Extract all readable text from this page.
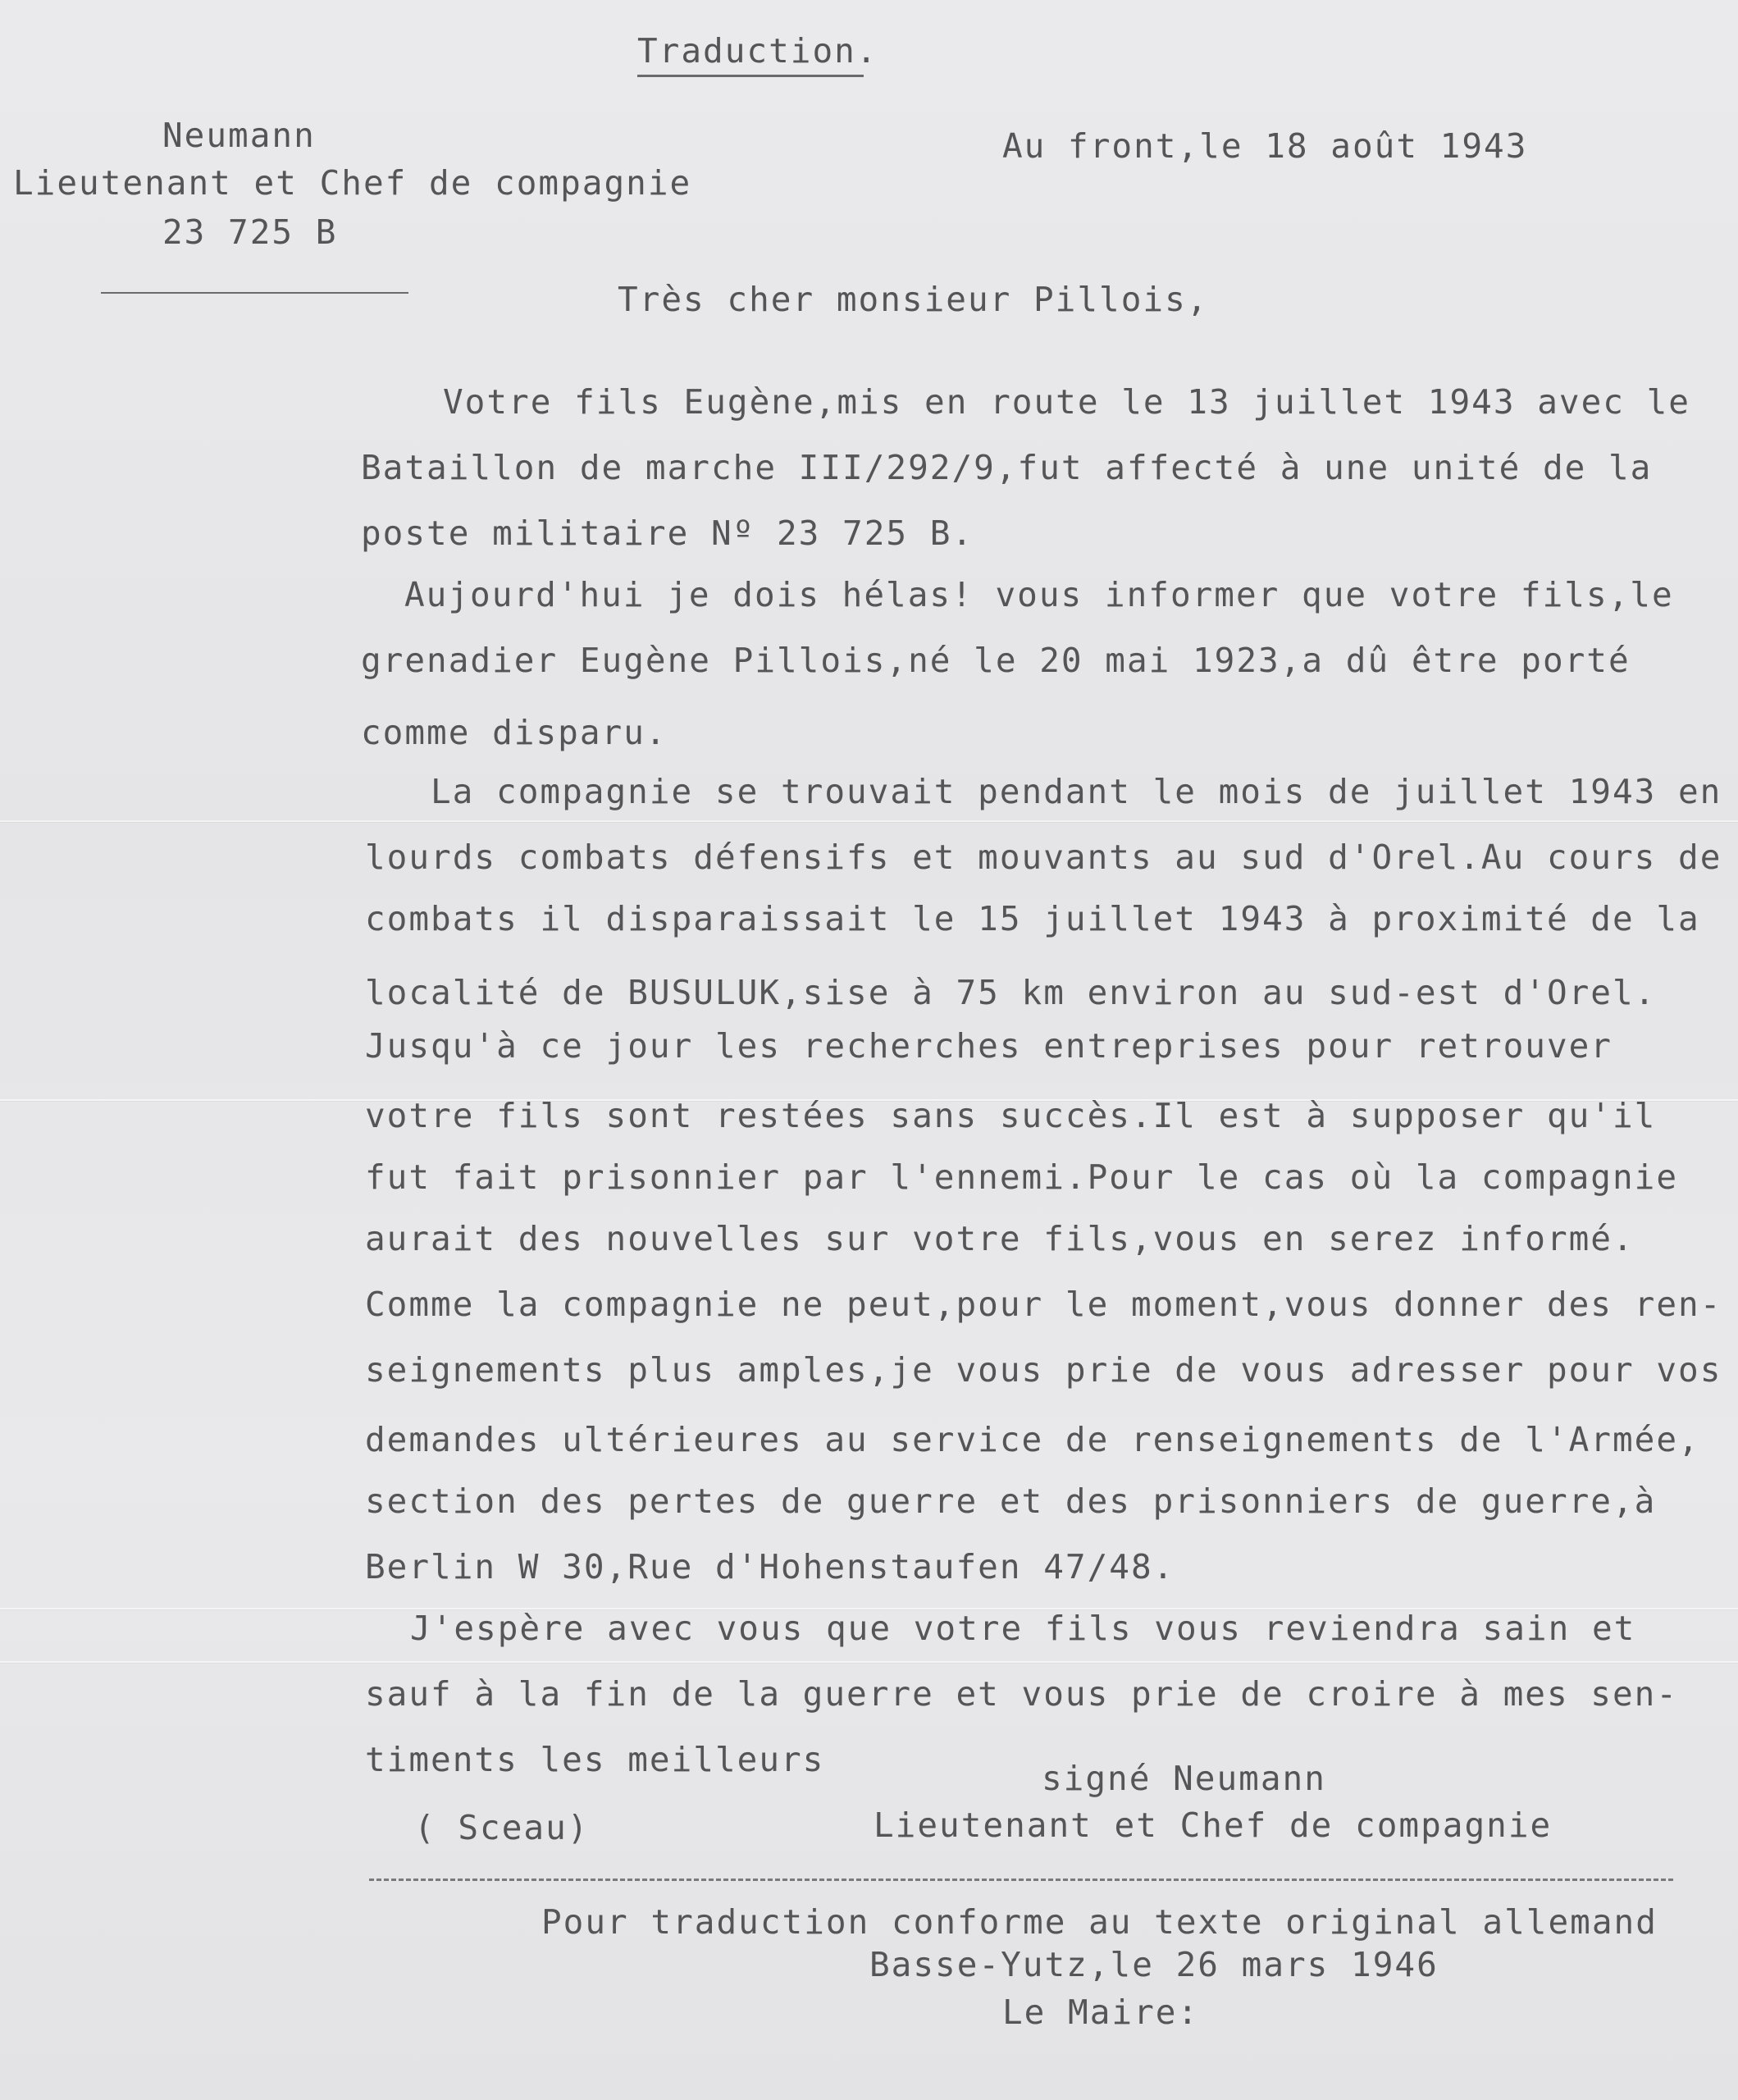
Traduction.
Neumann
Lieutenant et Chef de compagnie
23 725 B
Au front,le 18 août 1943
Très cher monsieur Pillois,
Votre fils Eugène,mis en route le 13 juillet 1943 avec le
Bataillon de marche III/292/9,fut affecté à une unité de la
poste militaire Nº 23 725 B.
Aujourd'hui je dois hélas! vous informer que votre fils,le
grenadier Eugène Pillois,né le 20 mai 1923,a dû être porté
comme disparu.
La compagnie se trouvait pendant le mois de juillet 1943 en
lourds combats défensifs et mouvants au sud d'Orel.Au cours de
combats il disparaissait le 15 juillet 1943 à proximité de la
localité de BUSULUK,sise à 75 km environ au sud-est d'Orel.
Jusqu'à ce jour les recherches entreprises pour retrouver
votre fils sont restées sans succès.Il est à supposer qu'il
fut fait prisonnier par l'ennemi.Pour le cas où la compagnie
aurait des nouvelles sur votre fils,vous en serez informé.
Comme la compagnie ne peut,pour le moment,vous donner des ren-
seignements plus amples,je vous prie de vous adresser pour vos
demandes ultérieures au service de renseignements de l'Armée,
section des pertes de guerre et des prisonniers de guerre,à
Berlin W 30,Rue d'Hohenstaufen 47/48.
J'espère avec vous que votre fils vous reviendra sain et
sauf à la fin de la guerre et vous prie de croire à mes sen-
timents les meilleurs	signé Neumann
Lieutenant et Chef de compagnie
( Sceau)
Pour traduction conforme au texte original allemand
Basse-Yutz,le 26 mars 1946
Le Maire:
